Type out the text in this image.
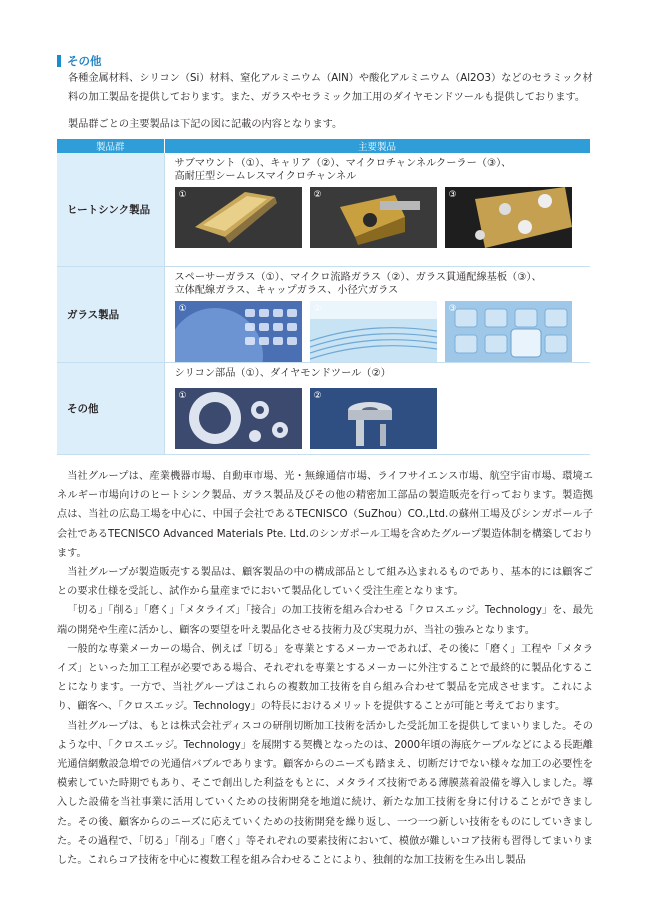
その他

各種金属材料、シリコン（Si）材料、窒化アルミニウム（AlN）や酸化アルミニウム（Al2O3）などのセラミック材料の加工製品を提供しております。また、ガラスやセラミック加工用のダイヤモンドツールも提供しております。

製品群ごとの主要製品は下記の図に記載の内容となります。
製品群	主要製品
ヒートシンク製品	サブマウント（①）、キャリア（②）、マイクロチャンネルクーラー（③）、
高耐圧型シームレスマイクロチャンネル
① ② ③

ガラス製品	スペーサーガラス（①）、マイクロ流路ガラス（②）、ガラス貫通配線基板（③）、
立体配線ガラス、キャップガラス、小径穴ガラス
① ② ③

その他	シリコン部品（①）、ダイヤモンドツール（②）
① ②

当社グループは、産業機器市場、自動車市場、光・無線通信市場、ライフサイエンス市場、航空宇宙市場、環境エネルギー市場向けのヒートシンク製品、ガラス製品及びその他の精密加工部品の製造販売を行っております。製造拠点は、当社の広島工場を中心に、中国子会社であるTECNISCO（SuZhou）CO.,Ltd.の蘇州工場及びシンガポール子会社であるTECNISCO Advanced Materials Pte. Ltd.のシンガポール工場を含めたグループ製造体制を構築しております。

当社グループが製造販売する製品は、顧客製品の中の構成部品として組み込まれるものであり、基本的には顧客ごとの要求仕様を受託し、試作から量産までにおいて製品化していく受注生産となります。

「切る」「削る」「磨く」「メタライズ」「接合」の加工技術を組み合わせる「クロスエッジ。Technology」を、最先端の開発や生産に活かし、顧客の要望を叶え製品化させる技術力及び実現力が、当社の強みとなります。

一般的な専業メーカーの場合、例えば「切る」を専業とするメーカーであれば、その後に「磨く」工程や「メタライズ」といった加工工程が必要である場合、それぞれを専業とするメーカーに外注することで最終的に製品化することになります。一方で、当社グループはこれらの複数加工技術を自ら組み合わせて製品を完成させます。これにより、顧客へ、「クロスエッジ。Technology」の特長におけるメリットを提供することが可能と考えております。

当社グループは、もとは株式会社ディスコの研削切断加工技術を活かした受託加工を提供してまいりました。そのような中、「クロスエッジ。Technology」を展開する契機となったのは、2000年頃の海底ケーブルなどによる長距離光通信網敷設急増での光通信バブルであります。顧客からのニーズも踏まえ、切断だけでない様々な加工の必要性を模索していた時期でもあり、そこで創出した利益をもとに、メタライズ技術である薄膜蒸着設備を導入しました。導入した設備を当社事業に活用していくための技術開発を地道に続け、新たな加工技術を身に付けることができました。その後、顧客からのニーズに応えていくための技術開発を繰り返し、一つ一つ新しい技術をものにしていきました。その過程で、「切る」「削る」「磨く」等それぞれの要素技術において、模倣が難しいコア技術も習得してまいりました。これらコア技術を中心に複数工程を組み合わせることにより、独創的な加工技術を生み出し製品
